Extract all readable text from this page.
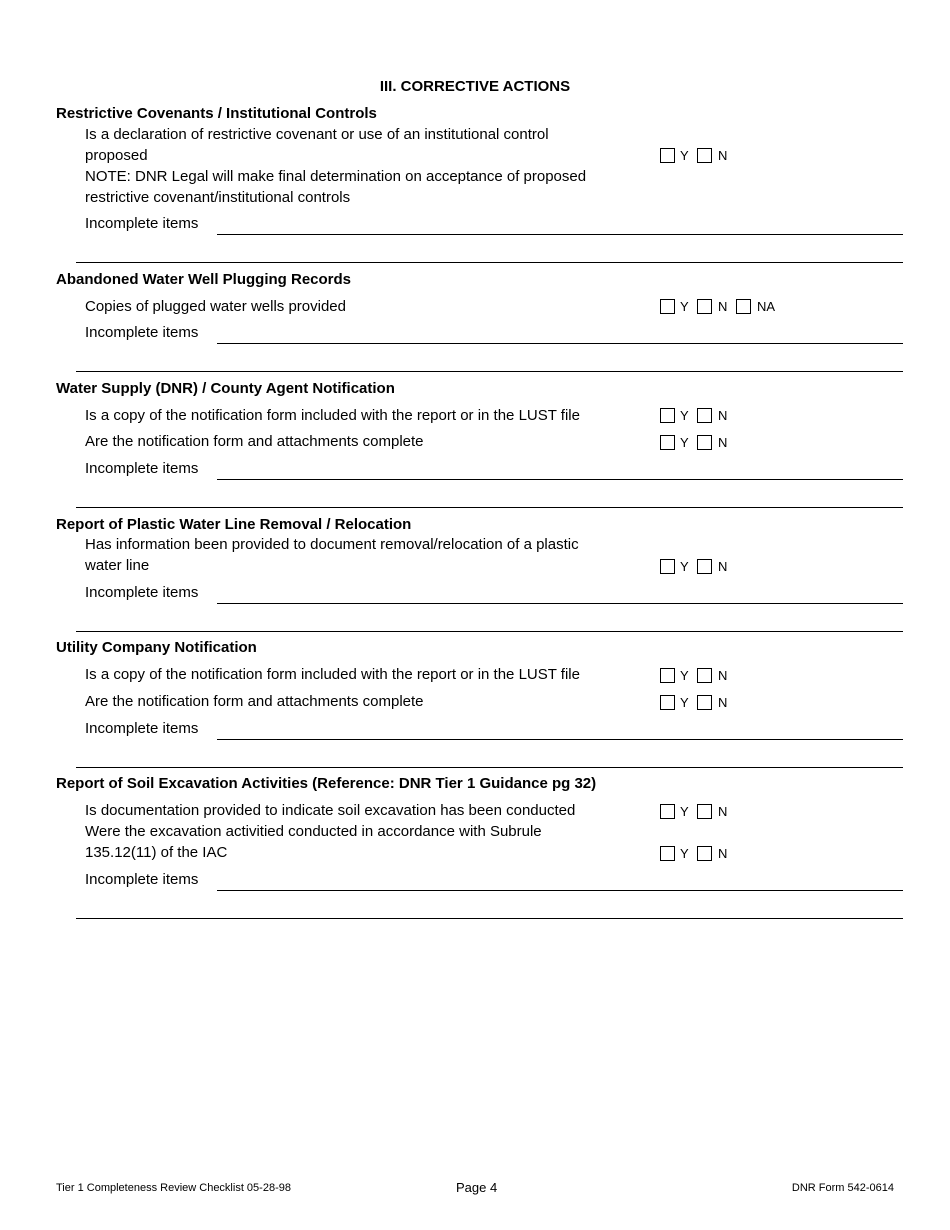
III. CORRECTIVE ACTIONS
Restrictive Covenants / Institutional Controls
Is a declaration of restrictive covenant or use of an institutional control
proposed
NOTE: DNR Legal will make final determination on acceptance of proposed
restrictive covenant/institutional controls
Y N
Incomplete items
Abandoned Water Well Plugging Records
Copies of plugged water wells provided	Y N NA
Incomplete items
Water Supply (DNR) / County Agent Notification
Is a copy of the notification form included with the report or in the LUST file	Y N
Are the notification form and attachments complete	Y N
Incomplete items
Report of Plastic Water Line Removal / Relocation
Has information been provided to document removal/relocation of a plastic
water line	Y N
Incomplete items
Utility Company Notification
Is a copy of the notification form included with the report or in the LUST file	Y N
Are the notification form and attachments complete	Y N
Incomplete items
Report of Soil Excavation Activities (Reference: DNR Tier 1 Guidance pg 32)
Is documentation provided to indicate soil excavation has been conducted	Y N
Were the excavation activitied conducted in accordance with Subrule
135.12(11) of the IAC	Y N
Incomplete items
Tier 1 Completeness Review Checklist 05-28-98	Page 4	DNR Form 542-0614
